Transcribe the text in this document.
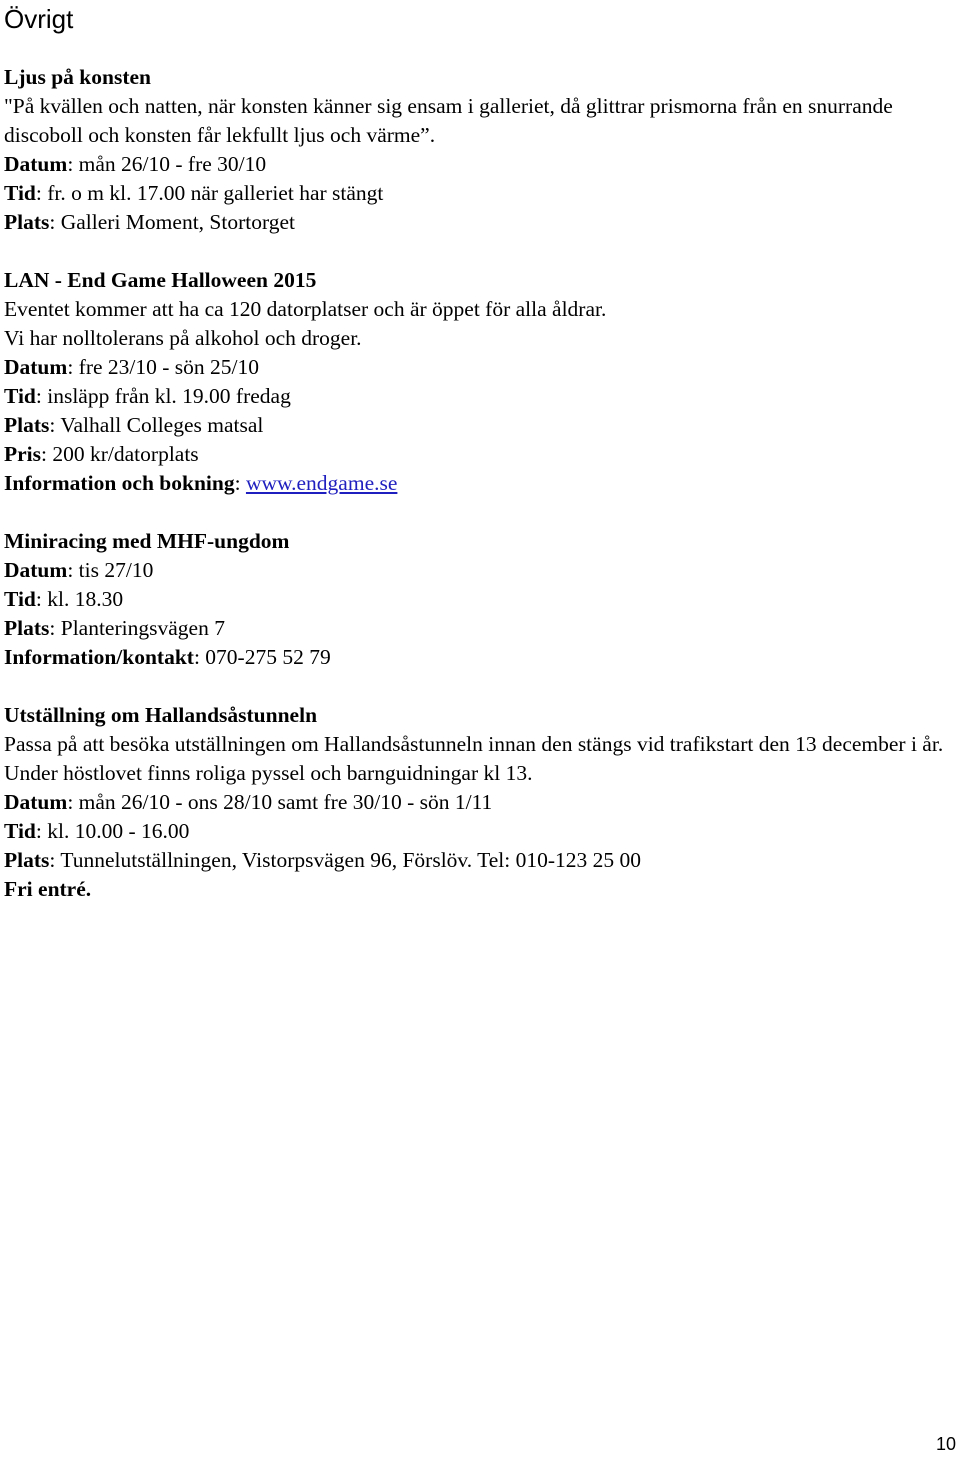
Övrigt

Ljus på konsten

"På kvällen och natten, när konsten känner sig ensam i galleriet, då glittrar prismorna från en snurrande discoboll och konsten får lekfullt ljus och värme”.

Datum: mån 26/10 - fre 30/10

Tid: fr. o m kl. 17.00 när galleriet har stängt

Plats: Galleri Moment, Stortorget

LAN - End Game Halloween 2015

Eventet kommer att ha ca 120 datorplatser och är öppet för alla åldrar.

Vi har nolltolerans på alkohol och droger.

Datum: fre 23/10 - sön 25/10

Tid: insläpp från kl. 19.00 fredag

Plats: Valhall Colleges matsal

Pris: 200 kr/datorplats

Information och bokning: www.endgame.se

Miniracing med MHF-ungdom

Datum: tis 27/10

Tid: kl. 18.30

Plats: Planteringsvägen 7

Information/kontakt: 070-275 52 79

Utställning om Hallandsåstunneln

Passa på att besöka utställningen om Hallandsåstunneln innan den stängs vid trafikstart den 13 december i år. Under höstlovet finns roliga pyssel och barnguidningar kl 13.

Datum: mån 26/10 - ons 28/10 samt fre 30/10 - sön 1/11

Tid: kl. 10.00 - 16.00

Plats: Tunnelutställningen, Vistorpsvägen 96, Förslöv. Tel: 010-123 25 00

Fri entré.

10
